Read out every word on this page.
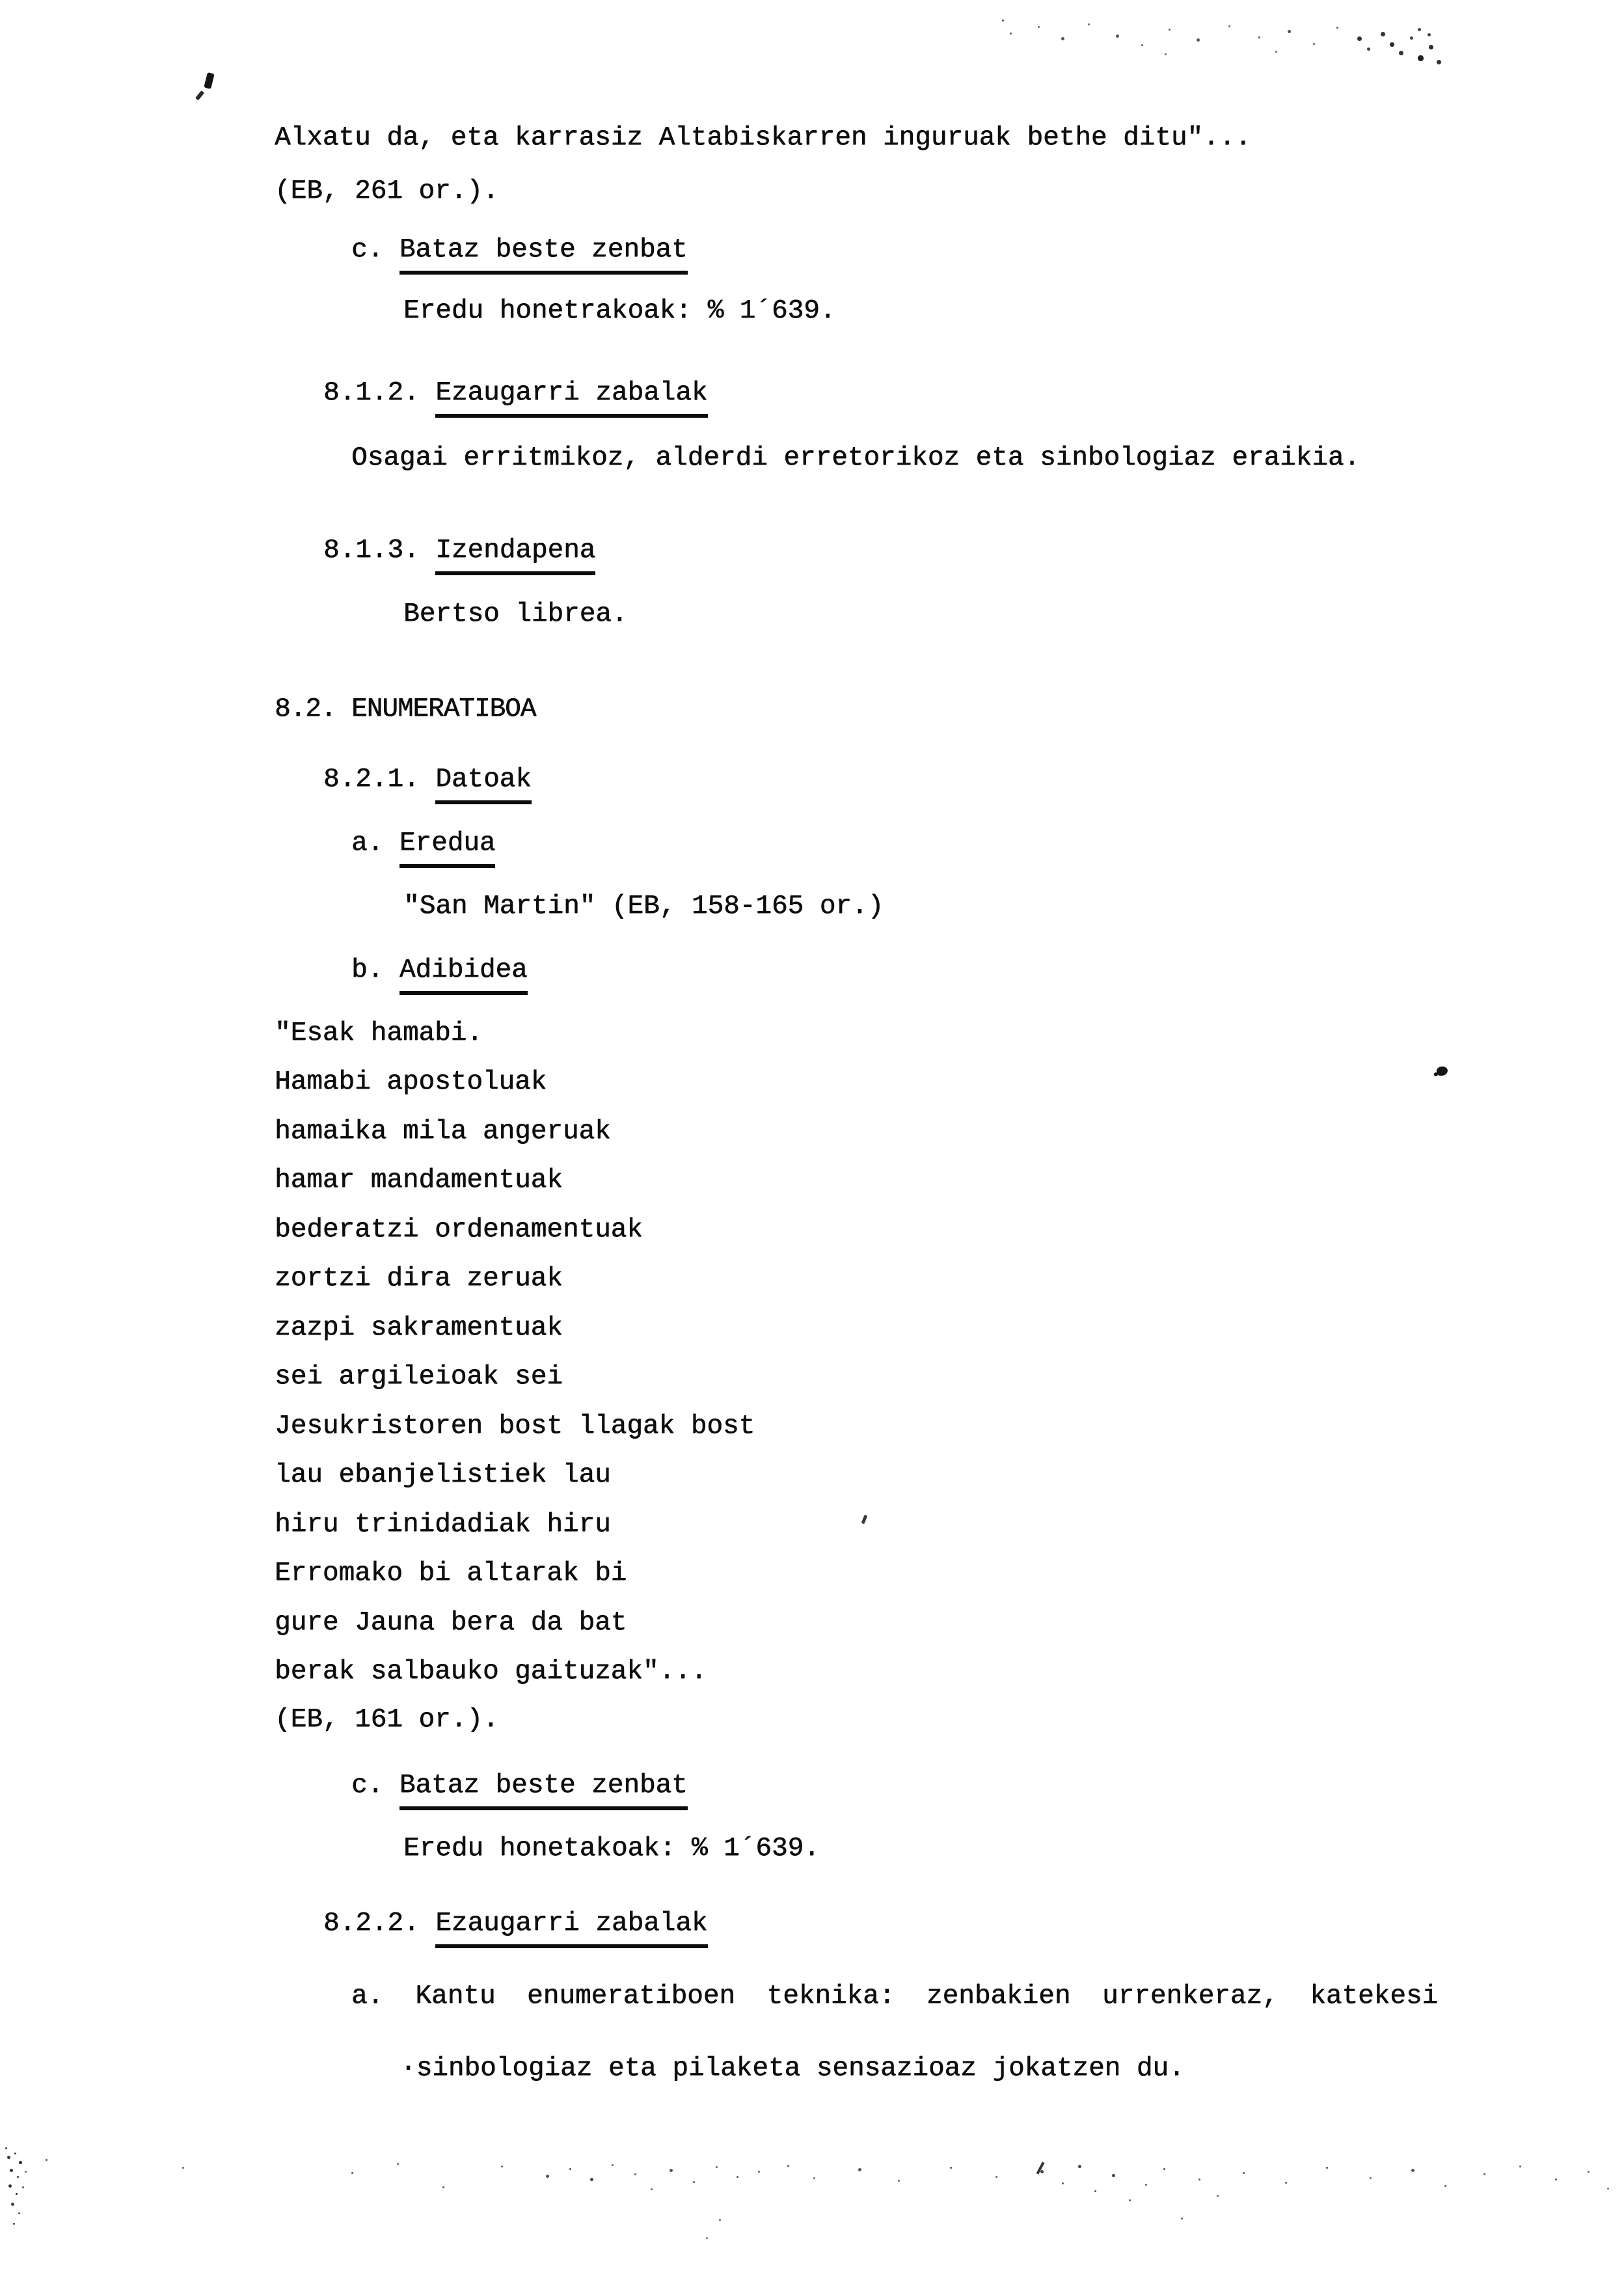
Alxatu da, eta karrasiz Altabiskarren inguruak bethe ditu"...
(EB, 261 or.).
c. Bataz beste zenbat
Eredu honetrakoak: % 1´639.
8.1.2. Ezaugarri zabalak
Osagai erritmikoz, alderdi erretorikoz eta sinbologiaz eraikia.
8.1.3. Izendapena
Bertso librea.
8.2. ENUMERATIBOA
8.2.1. Datoak
a. Eredua
"San Martin" (EB, 158-165 or.)
b. Adibidea
"Esak hamabi.
Hamabi apostoluak
hamaika mila angeruak
hamar mandamentuak
bederatzi ordenamentuak
zortzi dira zeruak
zazpi sakramentuak
sei argileioak sei
Jesukristoren bost llagak bost
lau ebanjelistiek lau
hiru trinidadiak hiru
Erromako bi altarak bi
gure Jauna bera da bat
berak salbauko gaituzak"...
(EB, 161 or.).
c. Bataz beste zenbat
Eredu honetakoak: % 1´639.
8.2.2. Ezaugarri zabalak
a.  Kantu enumeratiboen teknika: zenbakien urrenkeraz, katekesi
·sinbologiaz eta pilaketa sensazioaz jokatzen du.
